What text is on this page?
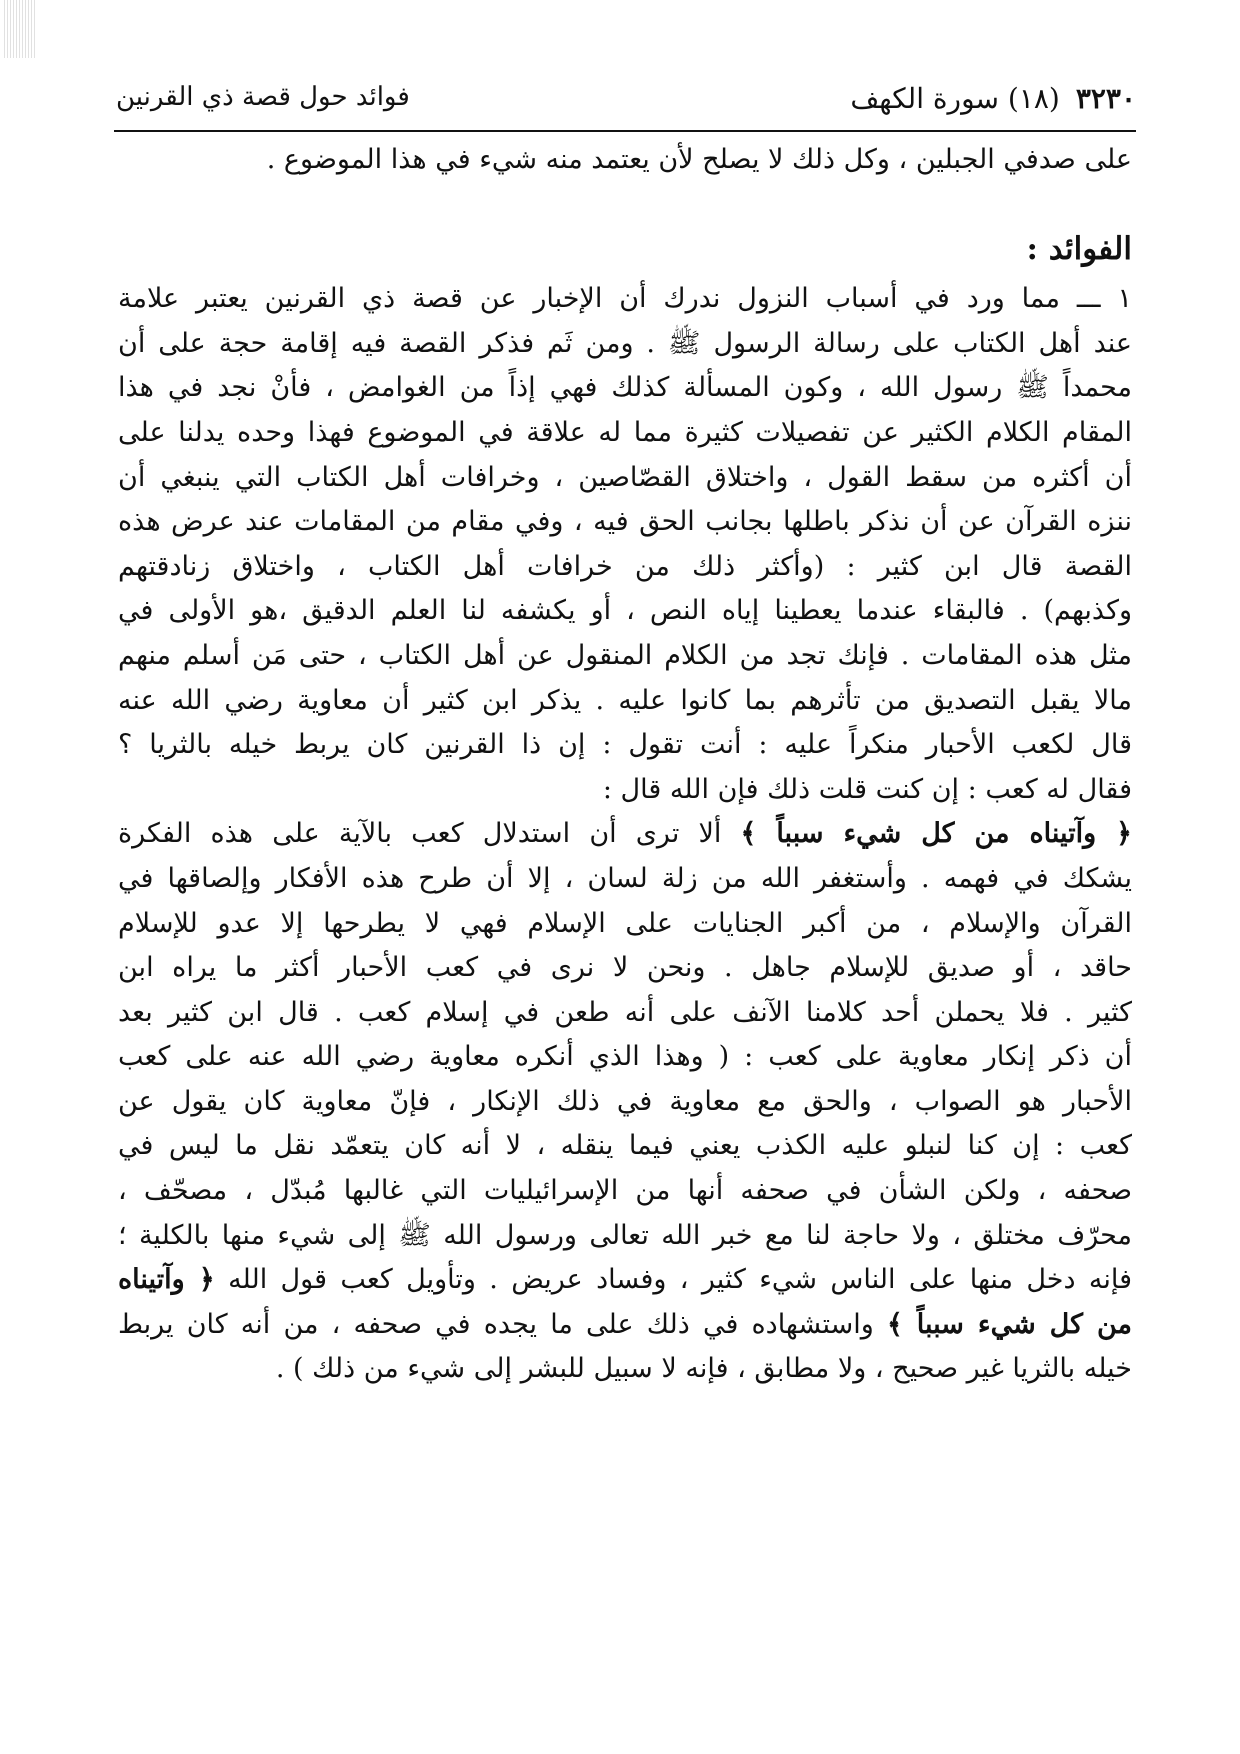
٣٢٣٠(١٨) سورة الكهف
فوائد حول قصة ذي القرنين
على صدفي الجبلين ، وكل ذلك لا يصلح لأن يعتمد منه شيء في هذا الموضوع .
الفوائد :
١ ـــ مما ورد في أسباب النزول ندرك أن الإخبار عن قصة ذي القرنين يعتبر علامة
عند أهل الكتاب على رسالة الرسول ﷺ . ومن ثَم فذكر القصة فيه إقامة حجة على أن
محمداً ﷺ رسول الله ، وكون المسألة كذلك فهي إذاً من الغوامض ، فأنْ نجد في هذا
المقام الكلام الكثير عن تفصيلات كثيرة مما له علاقة في الموضوع فهذا وحده يدلنا على
أن أكثره من سقط القول ، واختلاق القصّاصين ، وخرافات أهل الكتاب التي ينبغي أن
ننزه القرآن عن أن نذكر باطلها بجانب الحق فيه ، وفي مقام من المقامات عند عرض هذه
القصة قال ابن كثير : (وأكثر ذلك من خرافات أهل الكتاب ، واختلاق زنادقتهم
وكذبهم) . فالبقاء عندما يعطينا إياه النص ، أو يكشفه لنا العلم الدقيق ،هو الأولى في
مثل هذه المقامات . فإنك تجد من الكلام المنقول عن أهل الكتاب ، حتى مَن أسلم منهم
مالا يقبل التصديق من تأثرهم بما كانوا عليه . يذكر ابن كثير أن معاوية رضي الله عنه
قال لكعب الأحبار منكراً عليه : أنت تقول : إن ذا القرنين كان يربط خيله بالثريا ؟
فقال له كعب : إن كنت قلت ذلك فإن الله قال :
﴿ وآتيناه من كل شيء سبباً ﴾ ألا ترى أن استدلال كعب بالآية على هذه الفكرة
يشكك في فهمه . وأستغفر الله من زلة لسان ، إلا أن طرح هذه الأفكار وإلصاقها في
القرآن والإسلام ، من أكبر الجنايات على الإسلام فهي لا يطرحها إلا عدو للإسلام
حاقد ، أو صديق للإسلام جاهل . ونحن لا نرى في كعب الأحبار أكثر ما يراه ابن
كثير . فلا يحملن أحد كلامنا الآنف على أنه طعن في إسلام كعب . قال ابن كثير بعد
أن ذكر إنكار معاوية على كعب : ( وهذا الذي أنكره معاوية رضي الله عنه على كعب
الأحبار هو الصواب ، والحق مع معاوية في ذلك الإنكار ، فإنّ معاوية كان يقول عن
كعب : إن كنا لنبلو عليه الكذب يعني فيما ينقله ، لا أنه كان يتعمّد نقل ما ليس في
صحفه ، ولكن الشأن في صحفه أنها من الإسرائيليات التي غالبها مُبدّل ، مصحّف ،
محرّف مختلق ، ولا حاجة لنا مع خبر الله تعالى ورسول الله ﷺ إلى شيء منها بالكلية ؛
فإنه دخل منها على الناس شيء كثير ، وفساد عريض . وتأويل كعب قول الله ﴿ وآتيناه
من كل شيء سبباً ﴾ واستشهاده في ذلك على ما يجده في صحفه ، من أنه كان يربط
خيله بالثريا غير صحيح ، ولا مطابق ، فإنه لا سبيل للبشر إلى شيء من ذلك ) .
